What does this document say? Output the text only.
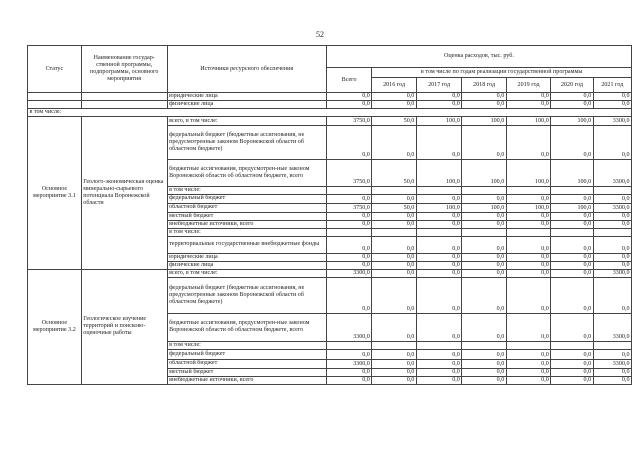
52
Статус	Наименование государ-ственной программы, подпрограммы, основного мероприятия	Источники ресурсного обеспечения	Оценка расходов, тыс. руб.						
			Всего	в том числе по годам реализации государственной программы					
				2016 год	2017 год	2018 год	2019 год	2020 год	2021 год
		юридические лица	0,0	0,0	0,0	0,0	0,0	0,0	0,0
		физические лица	0,0	0,0	0,0	0,0	0,0	0,0	0,0
в том числе:									
Основное мероприятие 3.1	Геолого-экономическая оценка минерально-сырьевого потенциала Воронежской области	всего, в том числе:	3750,0	50,0	100,0	100,0	100,0	100,0	3300,0
		федеральный бюджет (бюджетные ассигнования, не предусмотренные законом Воронежской области об областном бюджете)	0,0	0,0	0,0	0,0	0,0	0,0	0,0
		бюджетные ассигнования, предусмотрен-ные законом Воронежской области об областном бюджете, всего	3750,0	50,0	100,0	100,0	100,0	100,0	3300,0
		в том числе:							
		федеральный бюджет	0,0	0,0	0,0	0,0	0,0	0,0	0,0
		областной бюджет	3750,0	50,0	100,0	100,0	100,0	100,0	3300,0
		местный бюджет	0,0	0,0	0,0	0,0	0,0	0,0	0,0
		внебюджетные источники, всего	0,0	0,0	0,0	0,0	0,0	0,0	0,0
		в том числе:							
		территориальные государственные внебюджетные фонды	0,0	0,0	0,0	0,0	0,0	0,0	0,0
		юридические лица	0,0	0,0	0,0	0,0	0,0	0,0	0,0
		физические лица	0,0	0,0	0,0	0,0	0,0	0,0	0,0
Основное мероприятие 3.2	Геологическое изучение территорий и поисково-оценочные работы	всего, в том числе:	3300,0	0,0	0,0	0,0	0,0	0,0	3300,0
		федеральный бюджет (бюджетные ассигнования, не предусмотренные законом Воронежской области об областном бюджете)	0,0	0,0	0,0	0,0	0,0	0,0	0,0
		бюджетные ассигнования, предусмотрен-ные законом Воронежской области об областном бюджете, всего	3300,0	0,0	0,0	0,0	0,0	0,0	3300,0
		в том числе:							
		федеральный бюджет	0,0	0,0	0,0	0,0	0,0	0,0	0,0
		областной бюджет	3300,0	0,0	0,0	0,0	0,0	0,0	3300,0
		местный бюджет	0,0	0,0	0,0	0,0	0,0	0,0	0,0
		внебюджетные источники, всего	0,0	0,0	0,0	0,0	0,0	0,0	0,0
